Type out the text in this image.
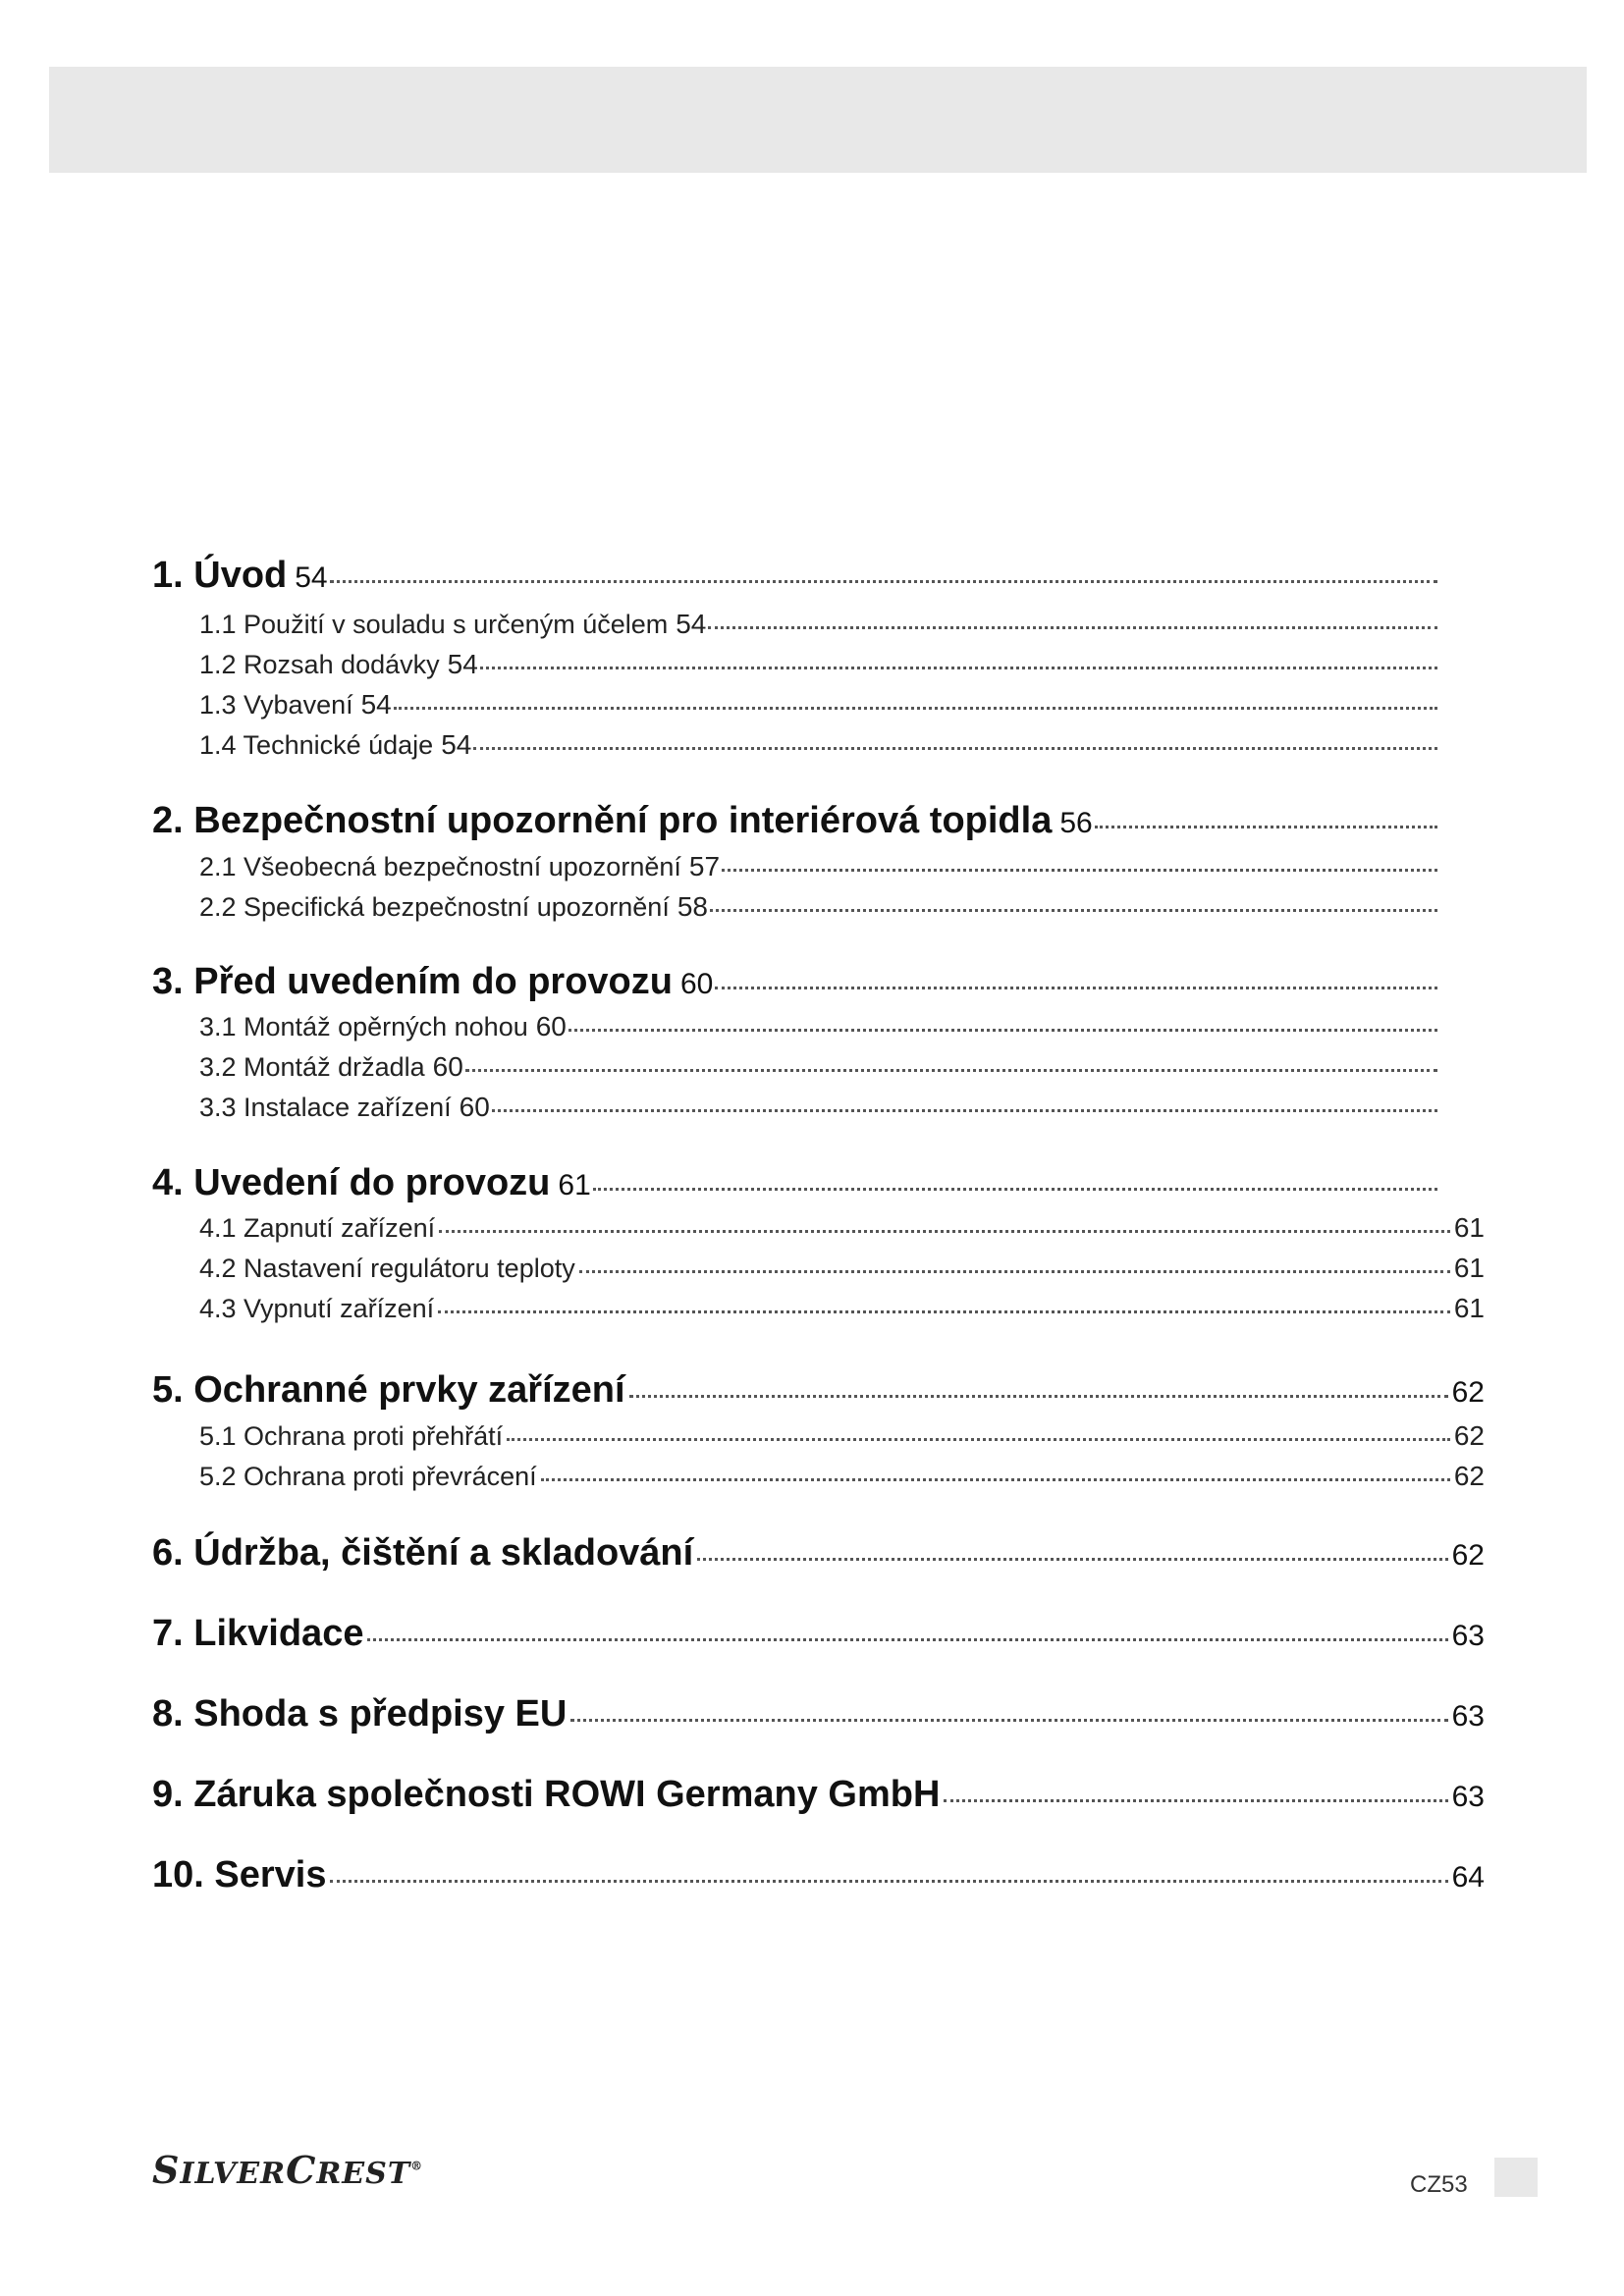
1. Úvod 54
1.1 Použití v souladu s určeným účelem 54
1.2 Rozsah dodávky 54
1.3 Vybavení 54
1.4 Technické údaje 54
2. Bezpečnostní upozornění pro interiérová topidla 56
2.1 Všeobecná bezpečnostní upozornění 57
2.2 Specifická bezpečnostní upozornění 58
3. Před uvedením do provozu 60
3.1 Montáž opěrných nohou 60
3.2 Montáž držadla 60
3.3 Instalace zařízení 60
4. Uvedení do provozu 61
4.1 Zapnutí zařízení	61
4.2 Nastavení regulátoru teploty	61
4.3 Vypnutí zařízení	61
5. Ochranné prvky zařízení	62
5.1 Ochrana proti přehřátí	62
5.2 Ochrana proti převrácení	62
6. Údržba, čištění a skladování	62
7. Likvidace	63
8. Shoda s předpisy EU	63
9. Záruka společnosti ROWI Germany GmbH	63
10. Servis	64
SILVERCREST®
CZ53
